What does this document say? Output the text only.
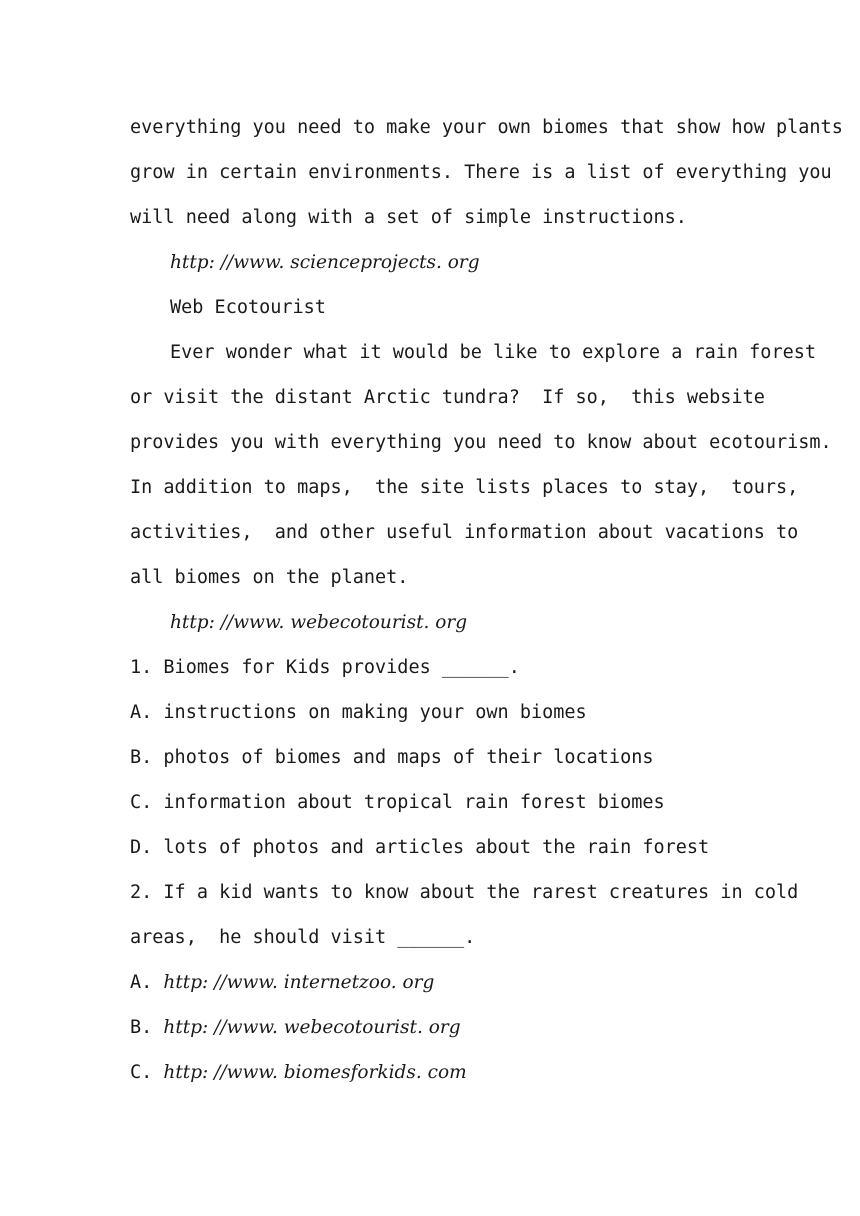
everything you need to make your own biomes that show how plants
grow in certain environments. There is a list of everything you
will need along with a set of simple instructions.
http: //www. scienceprojects. org
Web Ecotourist
Ever wonder what it would be like to explore a rain forest
or visit the distant Arctic tundra?  If so,  this website
provides you with everything you need to know about ecotourism.
In addition to maps,  the site lists places to stay,  tours,
activities,  and other useful information about vacations to
all biomes on the planet.
http: //www. webecotourist. org
1. Biomes for Kids provides ______.
A. instructions on making your own biomes
B. photos of biomes and maps of their locations
C. information about tropical rain forest biomes
D. lots of photos and articles about the rain forest
2. If a kid wants to know about the rarest creatures in cold
areas,  he should visit ______.
A. http: //www. internetzoo. org
B. http: //www. webecotourist. org
C. http: //www. biomesforkids. com
